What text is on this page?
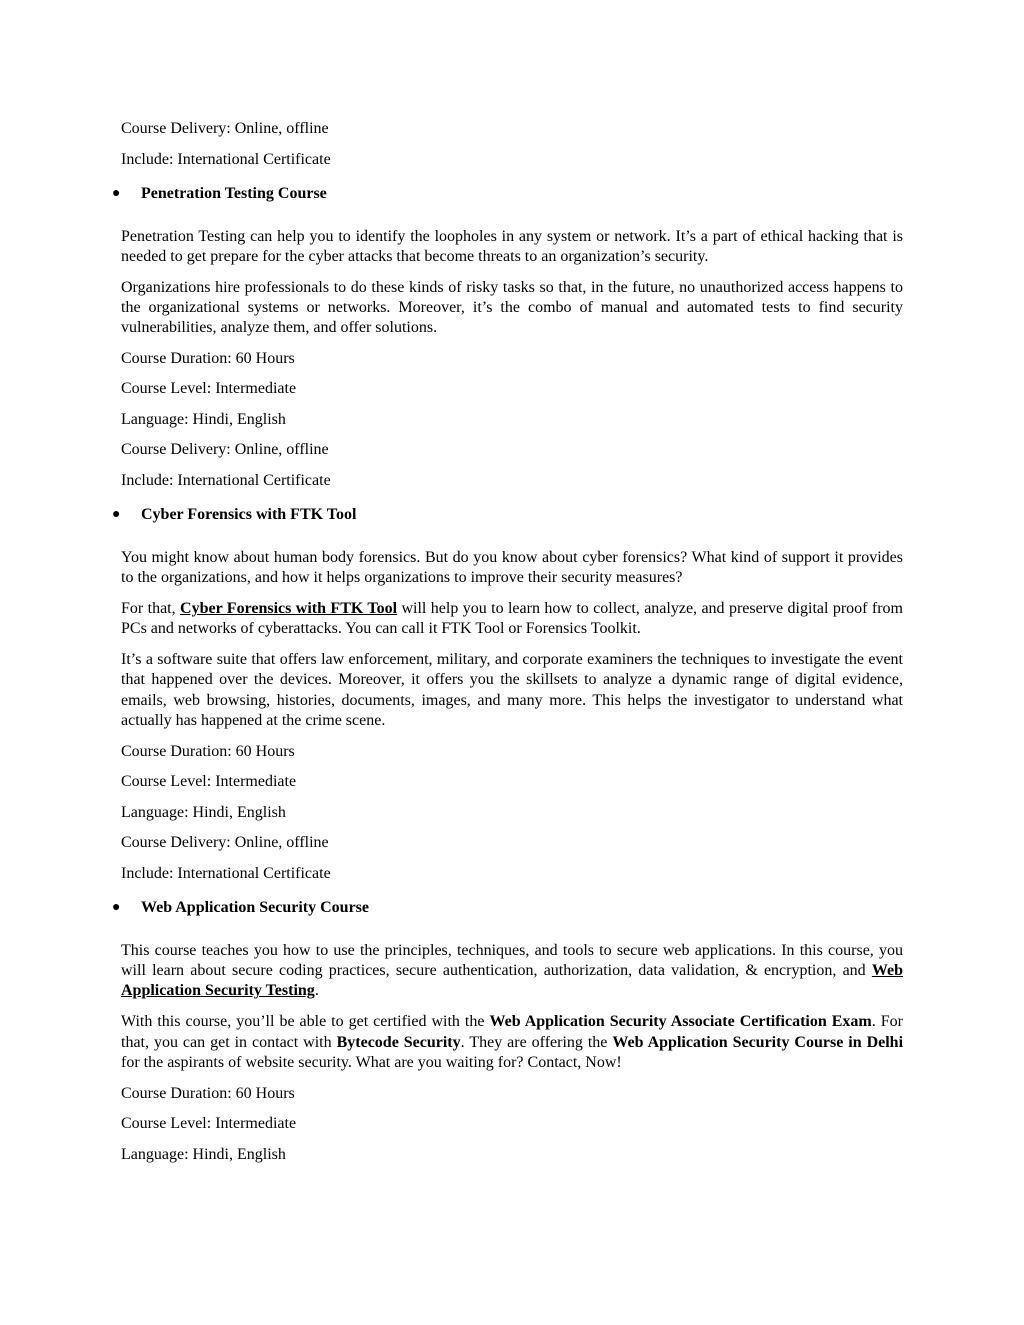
Course Delivery: Online, offline

Include: International Certificate

● Penetration Testing Course

Penetration Testing can help you to identify the loopholes in any system or network. It’s a part of ethical hacking that is needed to get prepare for the cyber attacks that become threats to an organization’s security.

Organizations hire professionals to do these kinds of risky tasks so that, in the future, no unauthorized access happens to the organizational systems or networks. Moreover, it’s the combo of manual and automated tests to find security vulnerabilities, analyze them, and offer solutions.

Course Duration: 60 Hours

Course Level: Intermediate

Language: Hindi, English

Course Delivery: Online, offline

Include: International Certificate

● Cyber Forensics with FTK Tool

You might know about human body forensics. But do you know about cyber forensics? What kind of support it provides to the organizations, and how it helps organizations to improve their security measures?

For that, Cyber Forensics with FTK Tool will help you to learn how to collect, analyze, and preserve digital proof from PCs and networks of cyberattacks. You can call it FTK Tool or Forensics Toolkit.

It’s a software suite that offers law enforcement, military, and corporate examiners the techniques to investigate the event that happened over the devices. Moreover, it offers you the skillsets to analyze a dynamic range of digital evidence, emails, web browsing, histories, documents, images, and many more. This helps the investigator to understand what actually has happened at the crime scene.

Course Duration: 60 Hours

Course Level: Intermediate

Language: Hindi, English

Course Delivery: Online, offline

Include: International Certificate

● Web Application Security Course

This course teaches you how to use the principles, techniques, and tools to secure web applications. In this course, you will learn about secure coding practices, secure authentication, authorization, data validation, & encryption, and Web Application Security Testing.

With this course, you’ll be able to get certified with the Web Application Security Associate Certification Exam. For that, you can get in contact with Bytecode Security. They are offering the Web Application Security Course in Delhi for the aspirants of website security. What are you waiting for? Contact, Now!

Course Duration: 60 Hours

Course Level: Intermediate

Language: Hindi, English
